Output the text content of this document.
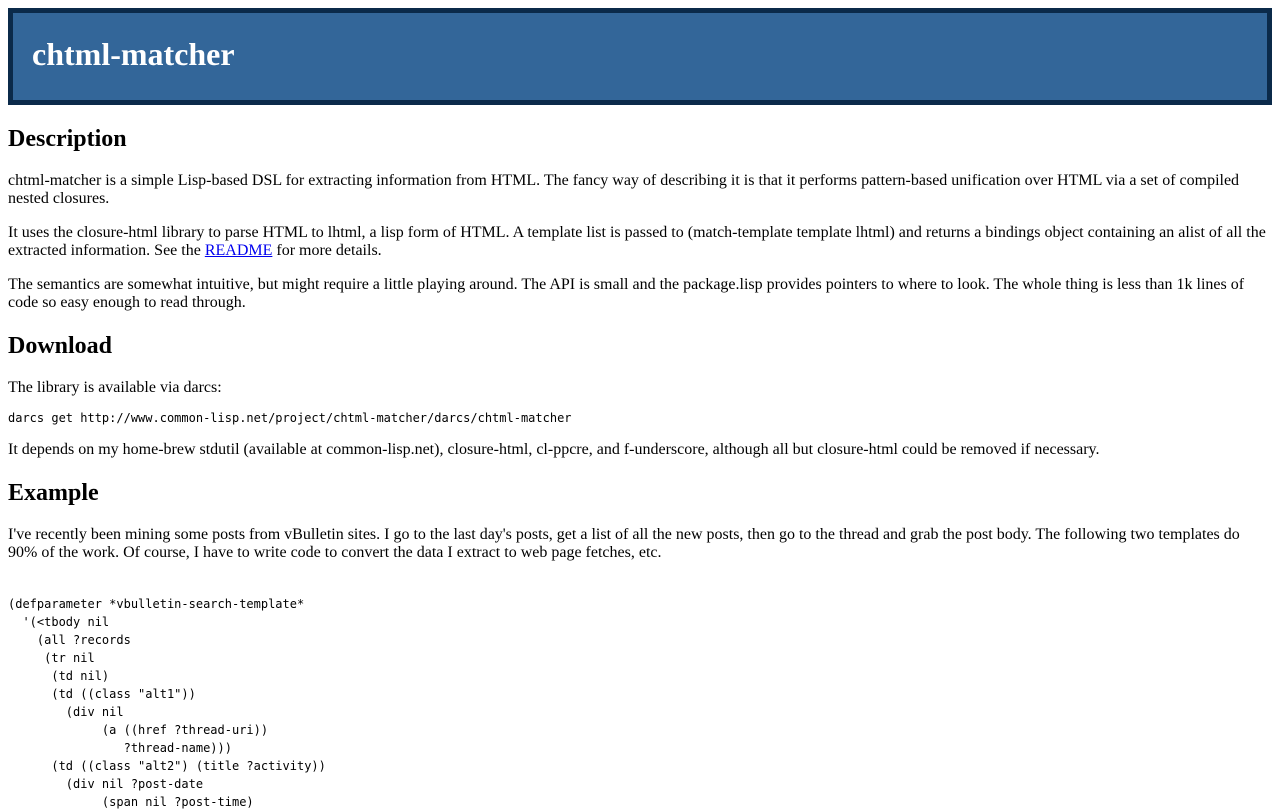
chtml-matcher
Description

chtml-matcher is a simple Lisp-based DSL for extracting information from HTML. The fancy way of describing it is that it performs pattern-based unification over HTML via a set of compiled nested closures.

It uses the closure-html library to parse HTML to lhtml, a lisp form of HTML. A template list is passed to (match-template template lhtml) and returns a bindings object containing an alist of all the extracted information. See the README for more details.

The semantics are somewhat intuitive, but might require a little playing around. The API is small and the package.lisp provides pointers to where to look. The whole thing is less than 1k lines of code so easy enough to read through.

Download

The library is available via darcs:

darcs get http://www.common-lisp.net/project/chtml-matcher/darcs/chtml-matcher

It depends on my home-brew stdutil (available at common-lisp.net), closure-html, cl-ppcre, and f-underscore, although all but closure-html could be removed if necessary.

Example

I've recently been mining some posts from vBulletin sites. I go to the last day's posts, get a list of all the new posts, then go to the thread and grab the post body. The following two templates do 90% of the work. Of course, I have to write code to convert the data I extract to web page fetches, etc.

(defparameter *vbulletin-search-template*
'(<tbody nil
(all ?records
(tr nil
(td nil)
(td ((class "alt1"))
(div nil
(a ((href ?thread-uri))
?thread-name)))
(td ((class "alt2") (title ?activity))
(div nil ?post-date
(span nil ?post-time)
